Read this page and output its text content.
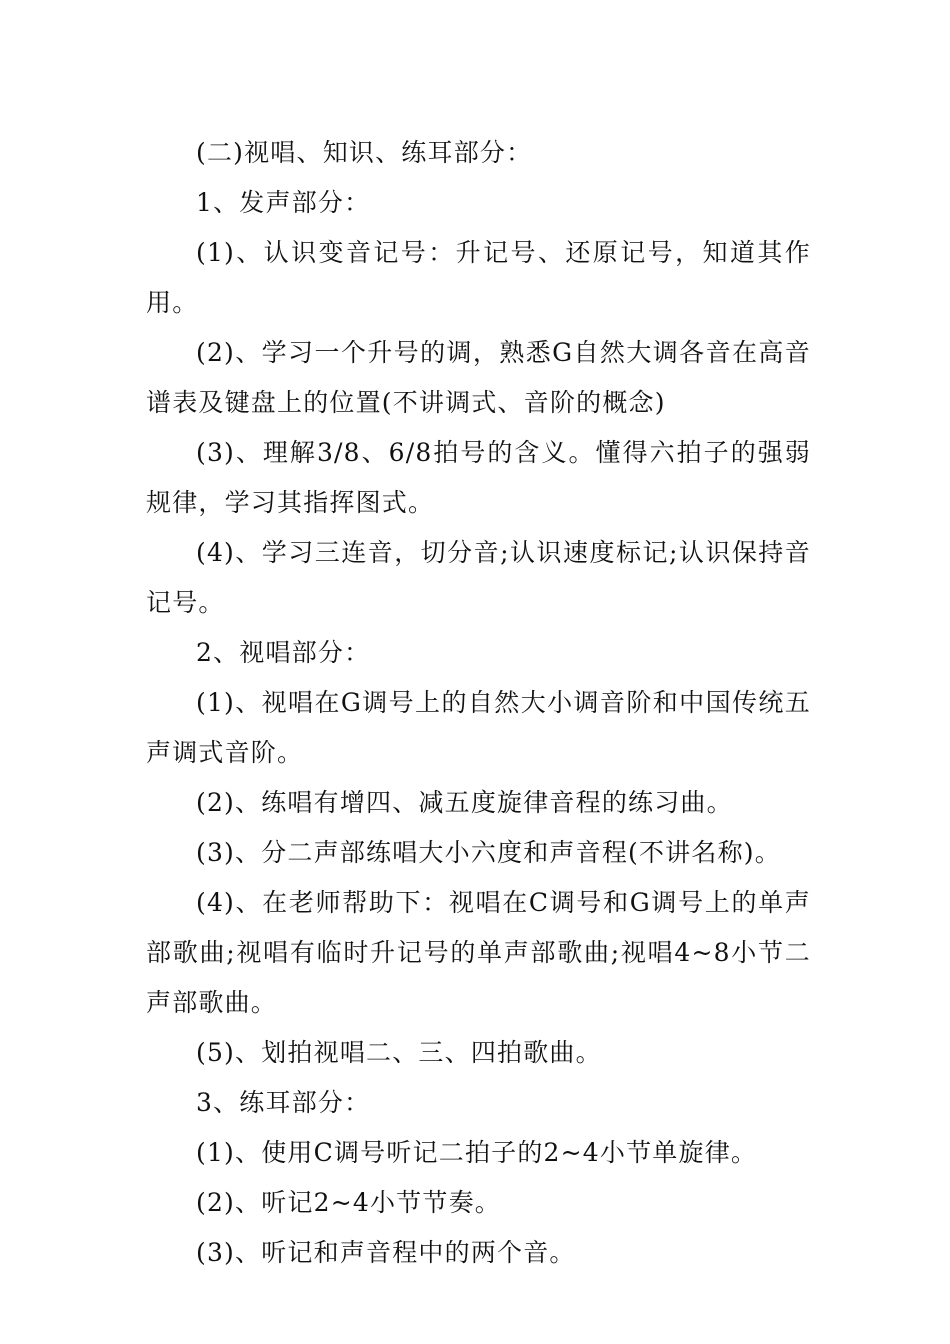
(二)视唱、知识、练耳部分：

1、发声部分：

(1)、认识变音记号：升记号、还原记号，知道其作用。

(2)、学习一个升号的调，熟悉G自然大调各音在高音谱表及键盘上的位置(不讲调式、音阶的概念)

(3)、理解3/8、6/8拍号的含义。懂得六拍子的强弱规律，学习其指挥图式。

(4)、学习三连音，切分音;认识速度标记;认识保持音记号。

2、视唱部分：

(1)、视唱在G调号上的自然大小调音阶和中国传统五声调式音阶。

(2)、练唱有增四、减五度旋律音程的练习曲。

(3)、分二声部练唱大小六度和声音程(不讲名称)。

(4)、在老师帮助下：视唱在C调号和G调号上的单声部歌曲;视唱有临时升记号的单声部歌曲;视唱4~8小节二声部歌曲。

(5)、划拍视唱二、三、四拍歌曲。

3、练耳部分：

(1)、使用C调号听记二拍子的2~4小节单旋律。

(2)、听记2~4小节节奏。

(3)、听记和声音程中的两个音。
